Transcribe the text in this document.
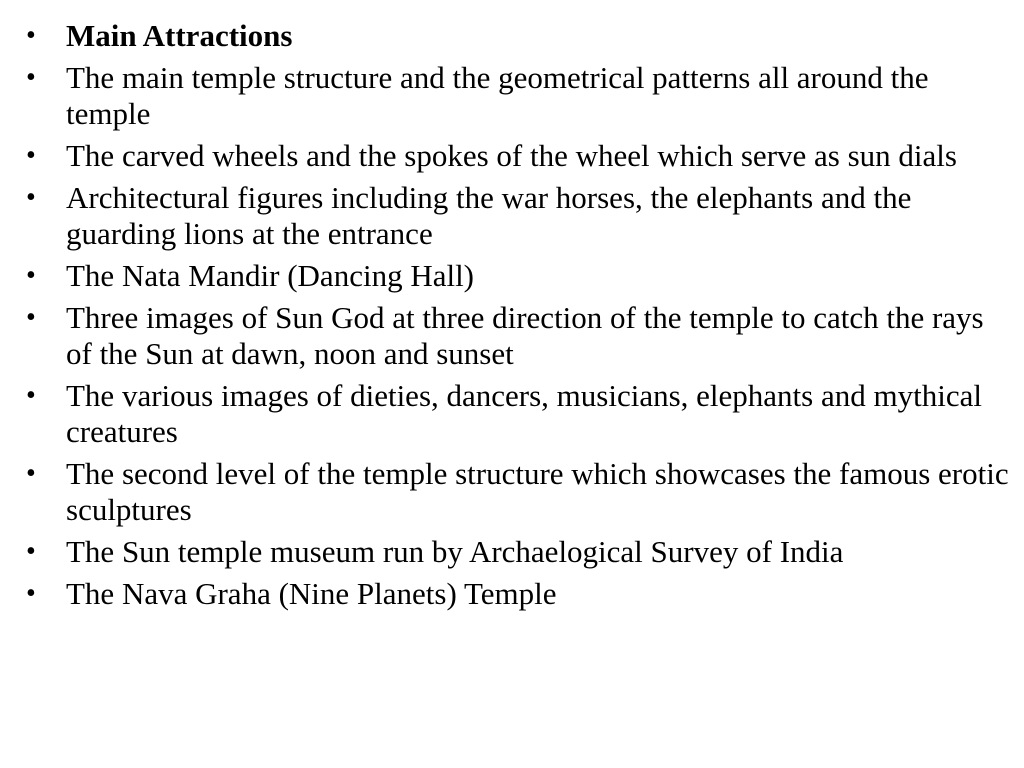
• Main Attractions
• The main temple structure and the geometrical patterns all around the temple
• The carved wheels and the spokes of the wheel which serve as sun dials
• Architectural figures including the war horses, the elephants and the guarding lions at the entrance
• The Nata Mandir (Dancing Hall)
• Three images of Sun God at three direction of the temple to catch the rays of the Sun at dawn, noon and sunset
• The various images of dieties, dancers, musicians, elephants and mythical creatures
• The second level of the temple structure which showcases the famous erotic sculptures
• The Sun temple museum run by Archaelogical Survey of India
• The Nava Graha (Nine Planets) Temple
